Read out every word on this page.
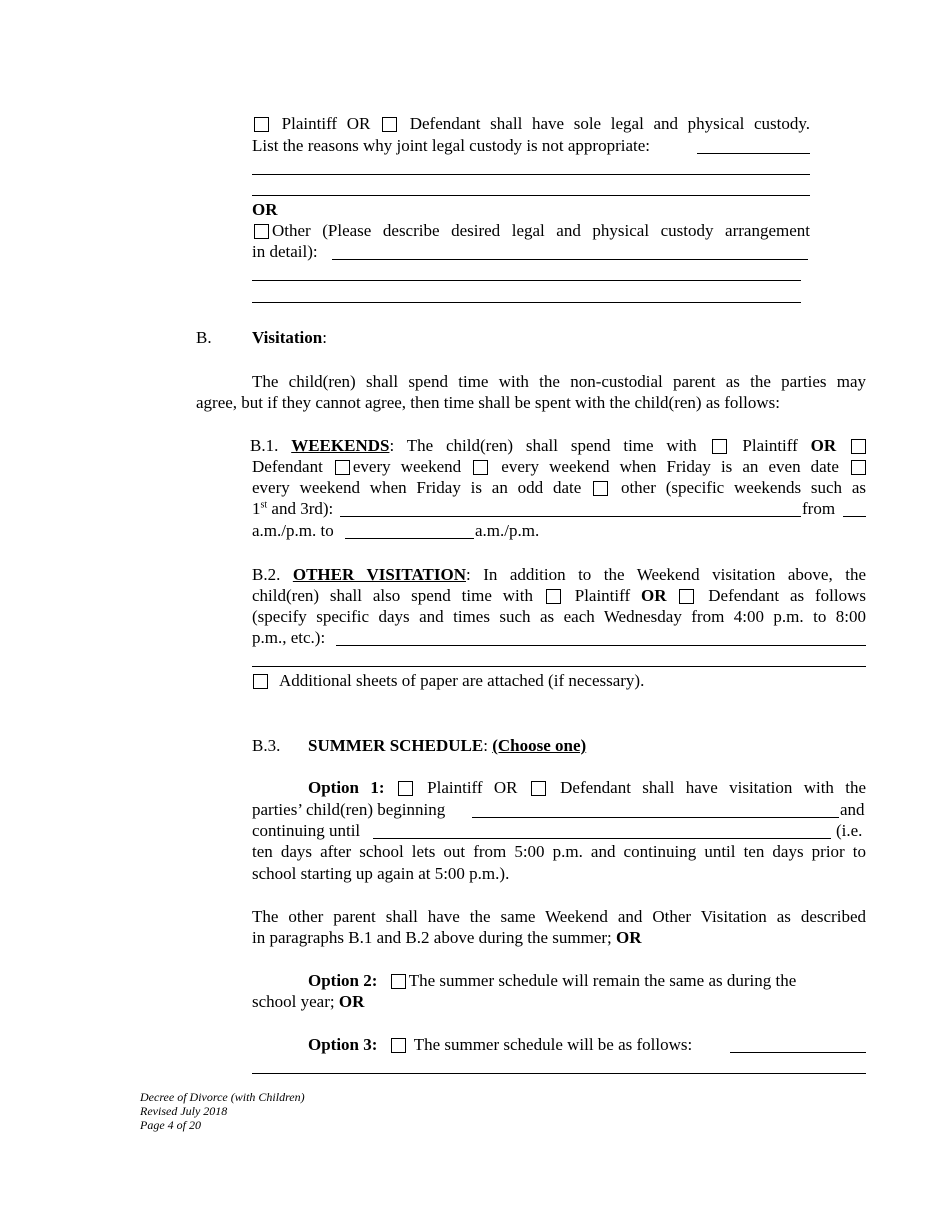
Plaintiff OR Defendant shall have sole legal and physical custody.
List the reasons why joint legal custody is not appropriate:
OR
Other (Please describe desired legal and physical custody arrangement
in detail):
B. Visitation:
The child(ren) shall spend time with the non-custodial parent as the parties may
agree, but if they cannot agree, then time shall be spent with the child(ren) as follows:
B.1. WEEKENDS: The child(ren) shall spend time with	Plaintiff OR
Defendant every weekend every weekend when Friday is an even date
every weekend when Friday is an odd date other (specific weekends such as
1st and 3rd):	from
a.m./p.m. to	a.m./p.m.
B.2. OTHER VISITATION: In addition to the Weekend visitation above, the
child(ren) shall also spend time with Plaintiff OR Defendant as follows
(specify specific days and times such as each Wednesday from 4:00 p.m. to 8:00
p.m., etc.):
Additional sheets of paper are attached (if necessary).
B.3. SUMMER SCHEDULE: (Choose one)
Option 1:	Plaintiff OR	Defendant shall have visitation with the
parties’ child(ren) beginning	and
continuing until	(i.e.
ten days after school lets out from 5:00 p.m. and continuing until ten days prior to
school starting up again at 5:00 p.m.).
The other parent shall have the same Weekend and Other Visitation as described
in paragraphs B.1 and B.2 above during the summer; OR
Option 2: The summer schedule will remain the same as during the
school year; OR
Option 3: The summer schedule will be as follows:
Decree of Divorce (with Children)
Revised July 2018
Page 4 of 20
